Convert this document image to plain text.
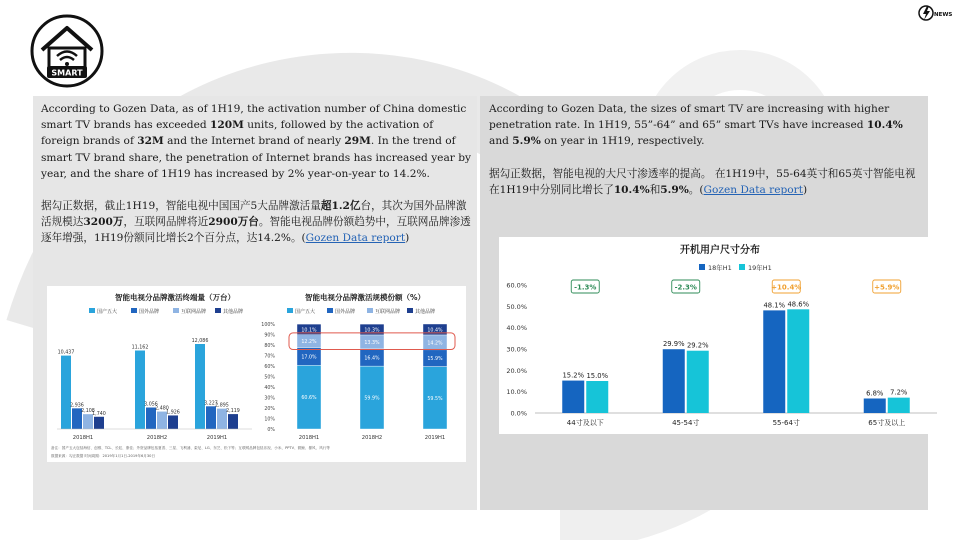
SMART
NEWS

According to Gozen Data, as of 1H19, the activation number of China domestic smart TV brands has exceeded 120M units, followed by the activation of foreign brands of 32M and the Internet brand of nearly 29M. In the trend of smart TV brand share, the penetration of Internet brands has increased year by year, and the share of 1H19 has increased by 2% year-on-year to 14.2%.

据勾正数据，截止1H19，智能电视中国国产5大品牌激活量超1.2亿台，其次为国外品牌激活规模达3200万，互联网品牌将近2900万台。智能电视品牌份额趋势中，互联网品牌渗透逐年增强，1H19份额同比增长2个百分点，达14.2%。(Gozen Data report)

According to Gozen Data, the sizes of smart TV are increasing with higher penetration rate. In 1H19, 55”-64” and 65” smart TVs have increased 10.4% and 5.9% on year in 1H19, respectively.

据勾正数据，智能电视的大尺寸渗透率的提高。 在1H19中，55-64英寸和65英寸智能电视在1H19中分别同比增长了10.4%和5.9%。(Gozen Data report)

智能电视分品牌激活终端量（万台）
国产五大	国外品牌	互联网品牌	其他品牌
10,437
2,936
2,108
1,740
2018H1
11,162
3,056
2,480
1,926
2018H2
12,086
3,227
2,895
2,119
2019H1
智能电视分品牌激活规模份额（%）
国产五大	国外品牌	互联网品牌	其他品牌
0%
10%
20%
30%
40%
50%
60%
70%
80%
90%
100%
60.6%
17.0%
12.2%
10.1%
2018H1
59.9%
16.4%
13.3%
10.3%
2018H2
59.5%
15.9%
14.2%
10.4%
2019H1
备注：国产五大包括海信、创维、TCL、长虹、康佳；外资品牌包括夏普、三星、飞利浦、索尼、LG、东芝、松下等；互联网品牌包括乐视、小米、PPTV、微鲸、暴风、风行等
数据来源：勾正数据 时间周期：2019年1月1日-2019年6月30日
开机用户尺寸分布
18年H1 19年H1
0.0%
10.0%
20.0%
30.0%
40.0%
50.0%
60.0%
15.2% 15.0%
44寸及以下
-1.3%
29.9% 29.2%
45-54寸
-2.3%
48.1% 48.6%
55-64寸
+10.4%
6.8% 7.2%
65寸及以上
+5.9%
